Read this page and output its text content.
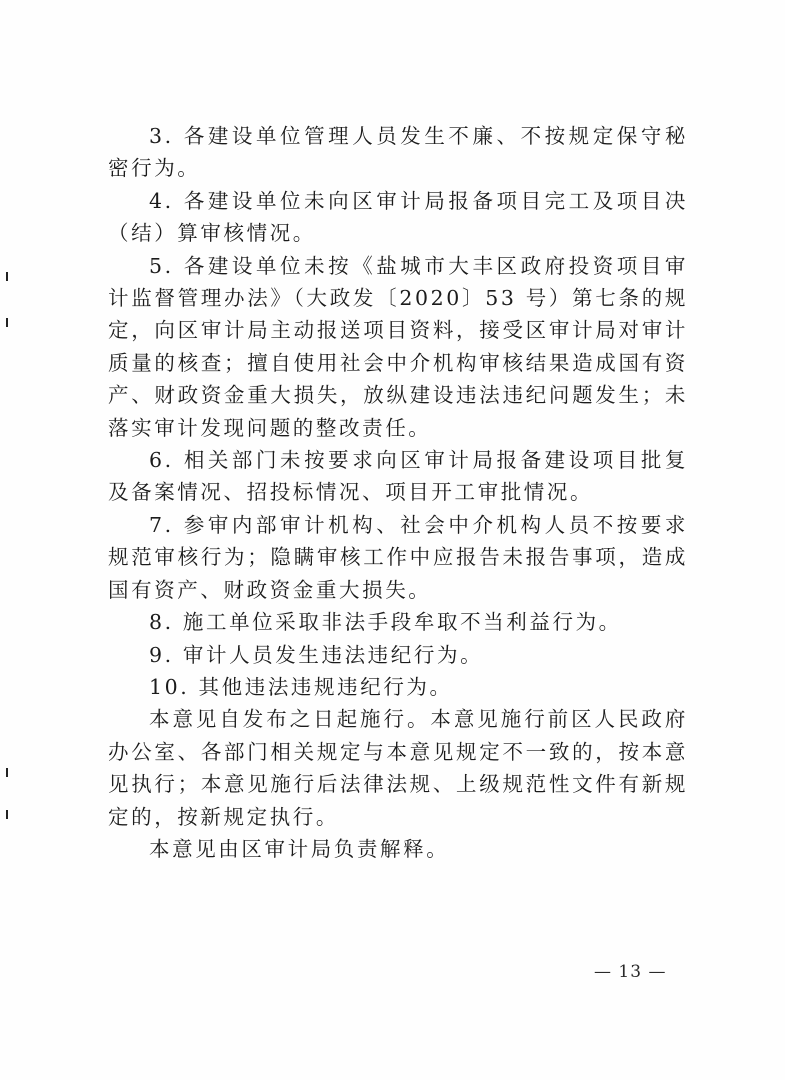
3. 各建设单位管理人员发生不廉、不按规定保守秘密行为。

4. 各建设单位未向区审计局报备项目完工及项目决（结）算审核情况。

5. 各建设单位未按《盐城市大丰区政府投资项目审计监督管理办法》（大政发〔2020〕53 号）第七条的规定，向区审计局主动报送项目资料，接受区审计局对审计质量的核查；擅自使用社会中介机构审核结果造成国有资产、财政资金重大损失，放纵建设违法违纪问题发生；未落实审计发现问题的整改责任。

6. 相关部门未按要求向区审计局报备建设项目批复及备案情况、招投标情况、项目开工审批情况。

7. 参审内部审计机构、社会中介机构人员不按要求规范审核行为；隐瞒审核工作中应报告未报告事项，造成国有资产、财政资金重大损失。

8. 施工单位采取非法手段牟取不当利益行为。

9. 审计人员发生违法违纪行为。

10. 其他违法违规违纪行为。

本意见自发布之日起施行。本意见施行前区人民政府办公室、各部门相关规定与本意见规定不一致的，按本意见执行；本意见施行后法律法规、上级规范性文件有新规定的，按新规定执行。

本意见由区审计局负责解释。

— 13 —
